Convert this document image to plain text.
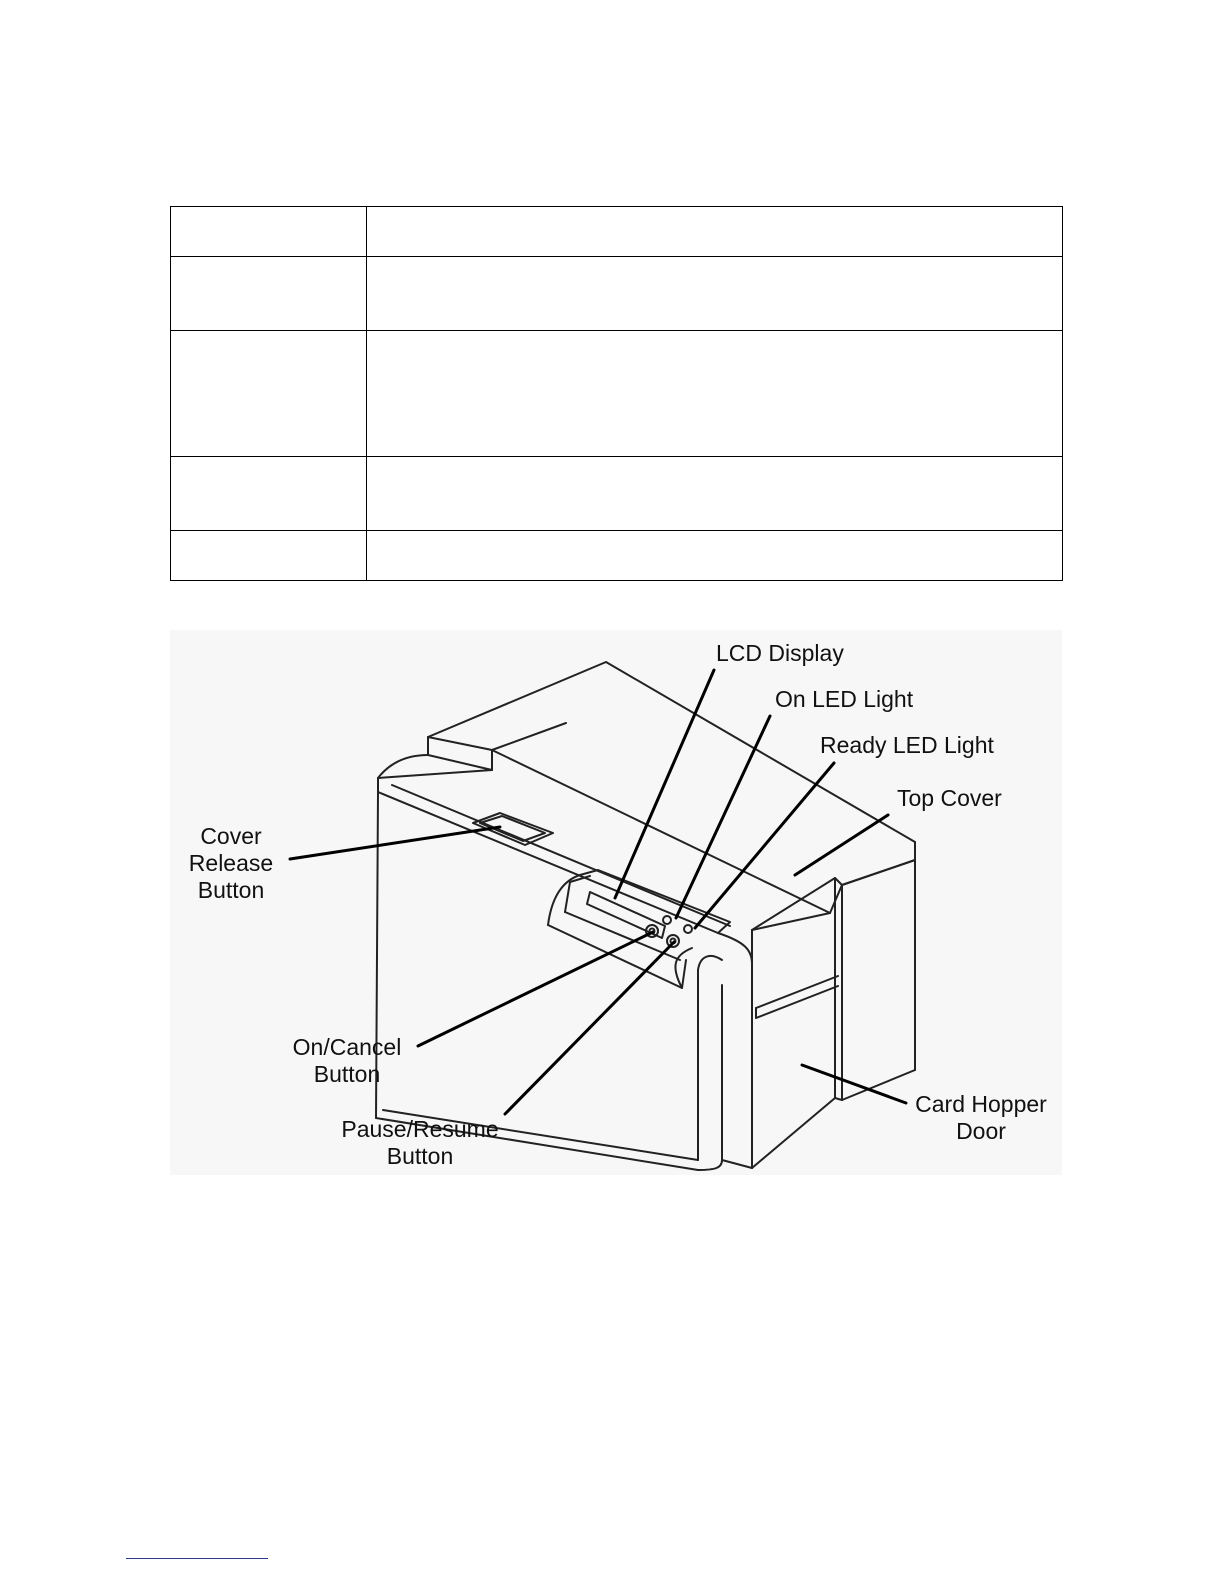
LCD Display
On LED Light
Ready LED Light
Top Cover
Cover
Release
Button
On/Cancel
Button
Pause/Resume
Button
Card Hopper
Door
